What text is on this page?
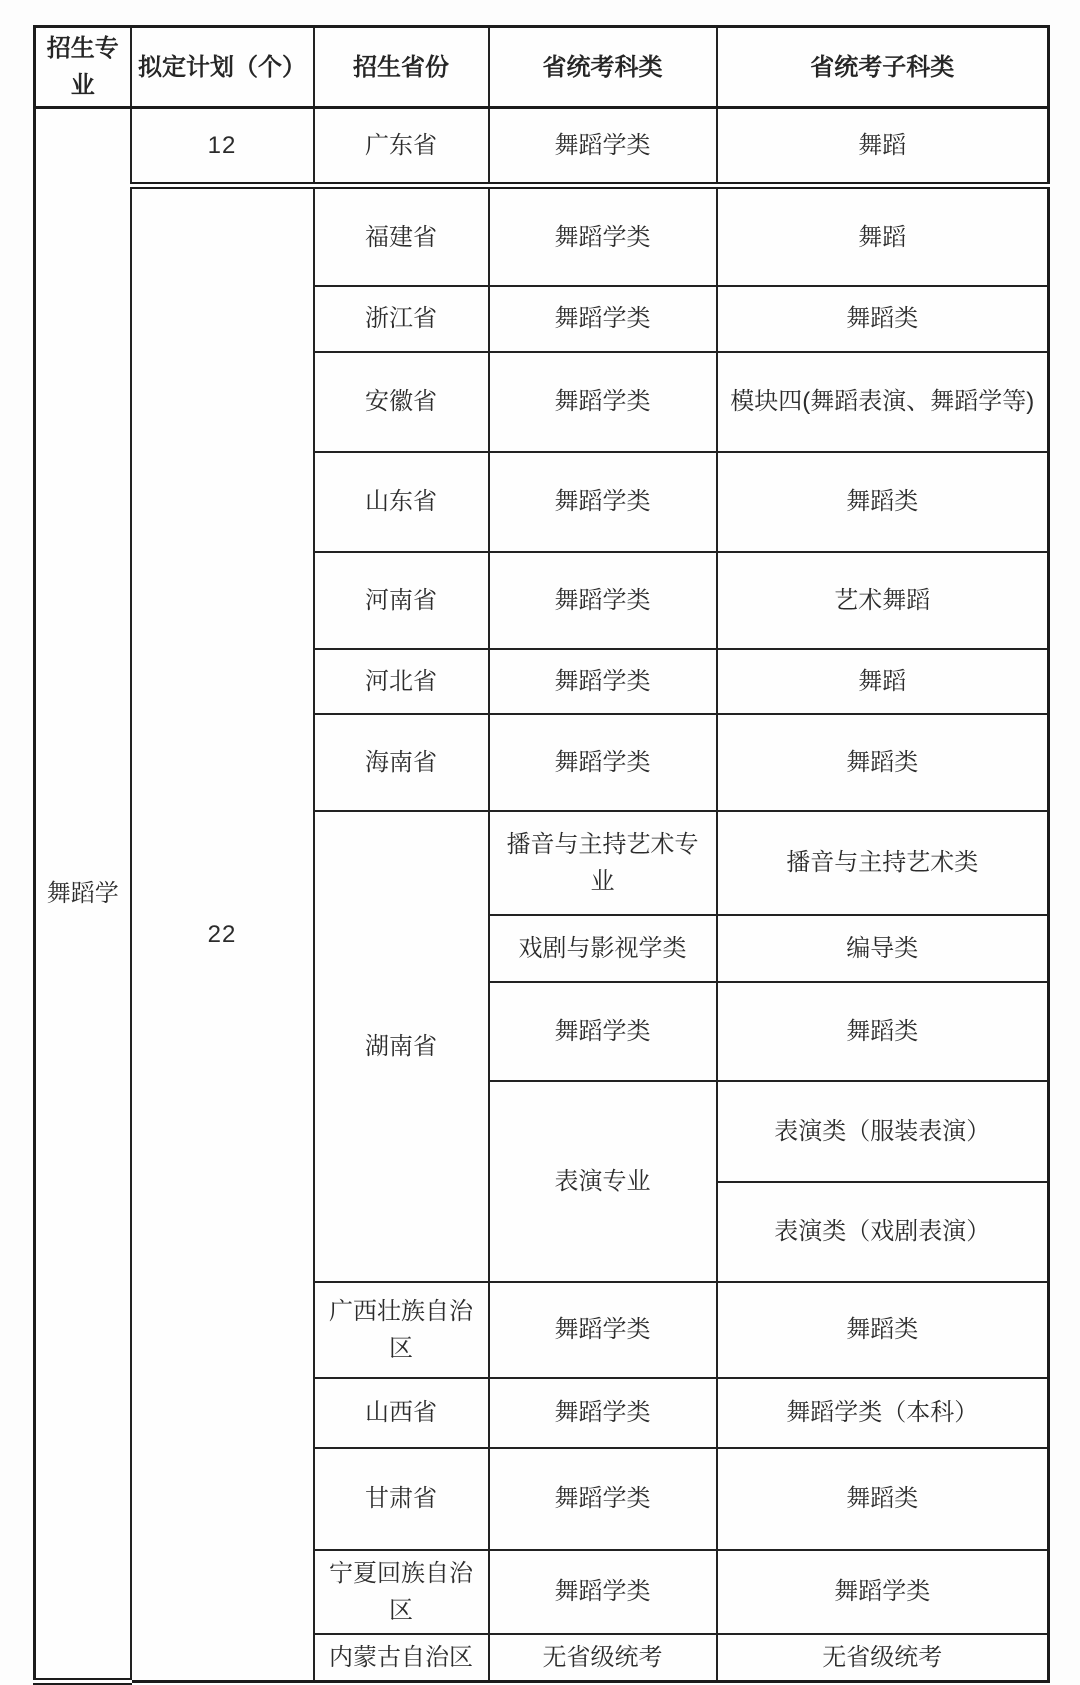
招生专业	拟定计划（个）	招生省份	省统考科类	省统考子科类
舞蹈学	12	广东省	舞蹈学类	舞蹈
	22	福建省	舞蹈学类	舞蹈
		浙江省	舞蹈学类	舞蹈类
		安徽省	舞蹈学类	模块四(舞蹈表演、舞蹈学等)
		山东省	舞蹈学类	舞蹈类
		河南省	舞蹈学类	艺术舞蹈
		河北省	舞蹈学类	舞蹈
		海南省	舞蹈学类	舞蹈类
		湖南省	播音与主持艺术专业	播音与主持艺术类
			戏剧与影视学类	编导类
			舞蹈学类	舞蹈类
			表演专业	表演类（服装表演）
				表演类（戏剧表演）
		广西壮族自治区	舞蹈学类	舞蹈类
		山西省	舞蹈学类	舞蹈学类（本科）
		甘肃省	舞蹈学类	舞蹈类
		宁夏回族自治区	舞蹈学类	舞蹈学类
		内蒙古自治区	无省级统考	无省级统考
